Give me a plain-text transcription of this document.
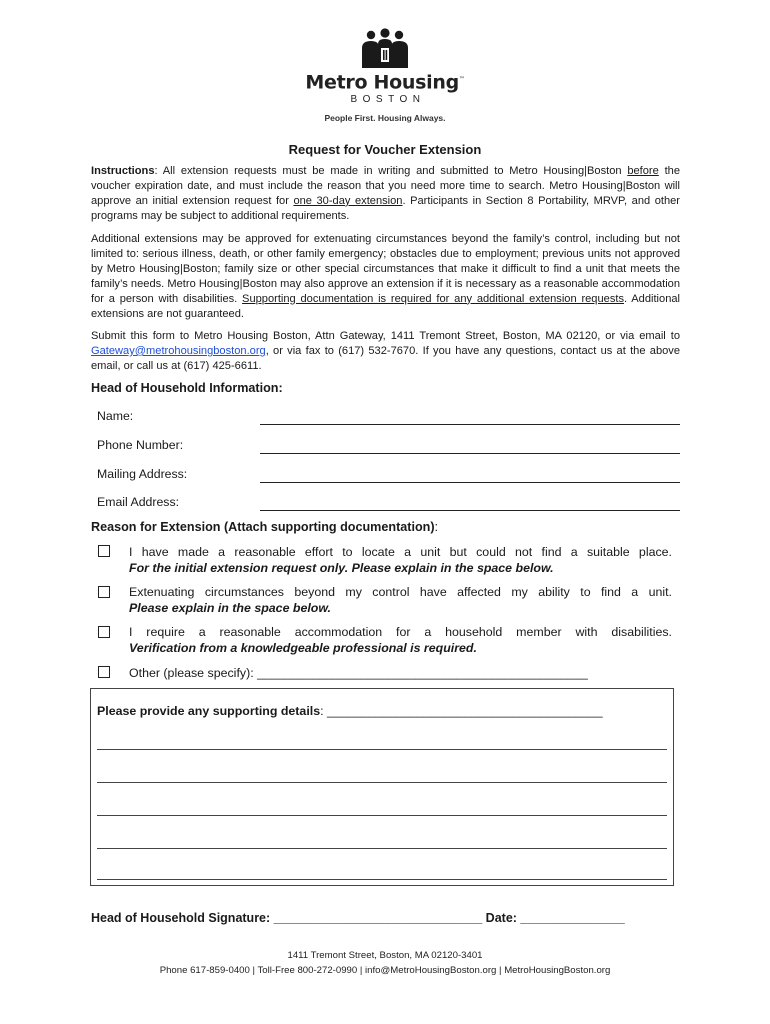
Metro Housing™
BOSTON
People First. Housing Always.
Request for Voucher Extension
Instructions: All extension requests must be made in writing and submitted to Metro Housing|Boston before the voucher expiration date, and must include the reason that you need more time to search. Metro Housing|Boston will approve an initial extension request for one 30-day extension. Participants in Section 8 Portability, MRVP, and other programs may be subject to additional requirements.
Additional extensions may be approved for extenuating circumstances beyond the family’s control, including but not limited to: serious illness, death, or other family emergency; obstacles due to employment; previous units not approved by Metro Housing|Boston; family size or other special circumstances that make it difficult to find a unit that meets the family’s needs. Metro Housing|Boston may also approve an extension if it is necessary as a reasonable accommodation for a person with disabilities. Supporting documentation is required for any additional extension requests. Additional extensions are not guaranteed.
Submit this form to Metro Housing Boston, Attn Gateway, 1411 Tremont Street, Boston, MA 02120, or via email to Gateway@metrohousingboston.org, or via fax to (617) 532-7670. If you have any questions, contact us at the above email, or call us at (617) 425-6611.
Head of Household Information:
Name:
Phone Number:
Mailing Address:
Email Address:
Reason for Extension (Attach supporting documentation):
I have made a reasonable effort to locate a unit but could not find a suitable place.
For the initial extension request only. Please explain in the space below.
Extenuating circumstances beyond my control have affected my ability to find a unit.
Please explain in the space below.
I require a reasonable accommodation for a household member with disabilities.
Verification from a knowledgeable professional is required.
Other (please specify): ________________________________________________
Please provide any supporting details: ________________________________________
Head of Household Signature: ______________________________ Date: _______________
1411 Tremont Street, Boston, MA 02120-3401
Phone 617-859-0400 | Toll-Free 800-272-0990 | info@MetroHousingBoston.org | MetroHousingBoston.org
